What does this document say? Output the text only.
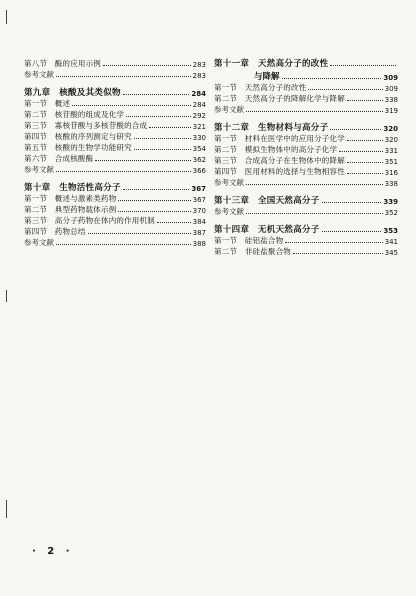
第八节　酶的应用示例	283
参考文献	283
第九章　核酸及其类似物	284
第一节　概述	284
第二节　核苷酸的组成及化学	292
第三节　寡核苷酸与多核苷酸的合成	321
第四节　核酸的序列测定与研究	330
第五节　核酸的生物学功能研究	354
第六节　合成核酸酶	362
参考文献	366
第十章　生物活性高分子	367
第一节　概述与激素类药物	367
第二节　典型药物载体示例	370
第三节　高分子药物在体内的作用机制	384
第四节　药物总结	387
参考文献	388
第十一章　天然高分子的改性
与降解	309
第一节　天然高分子的改性	309
第二节　天然高分子的降解化学与降解	338
参考文献	319
第十二章　生物材料与高分子	320
第一节　材料在医学中的应用分子化学	320
第二节　模拟生物体中的高分子化学	331
第三节　合成高分子在生物体中的降解	351
第四节　医用材料的选择与生物相容性	316
参考文献	338
第十三章　全国天然高分子	339
参考文献	352
第十四章　无机天然高分子	353
第一节　硅铝盐合物	341
第二节　非硅盐聚合物	345
· 2 ·
